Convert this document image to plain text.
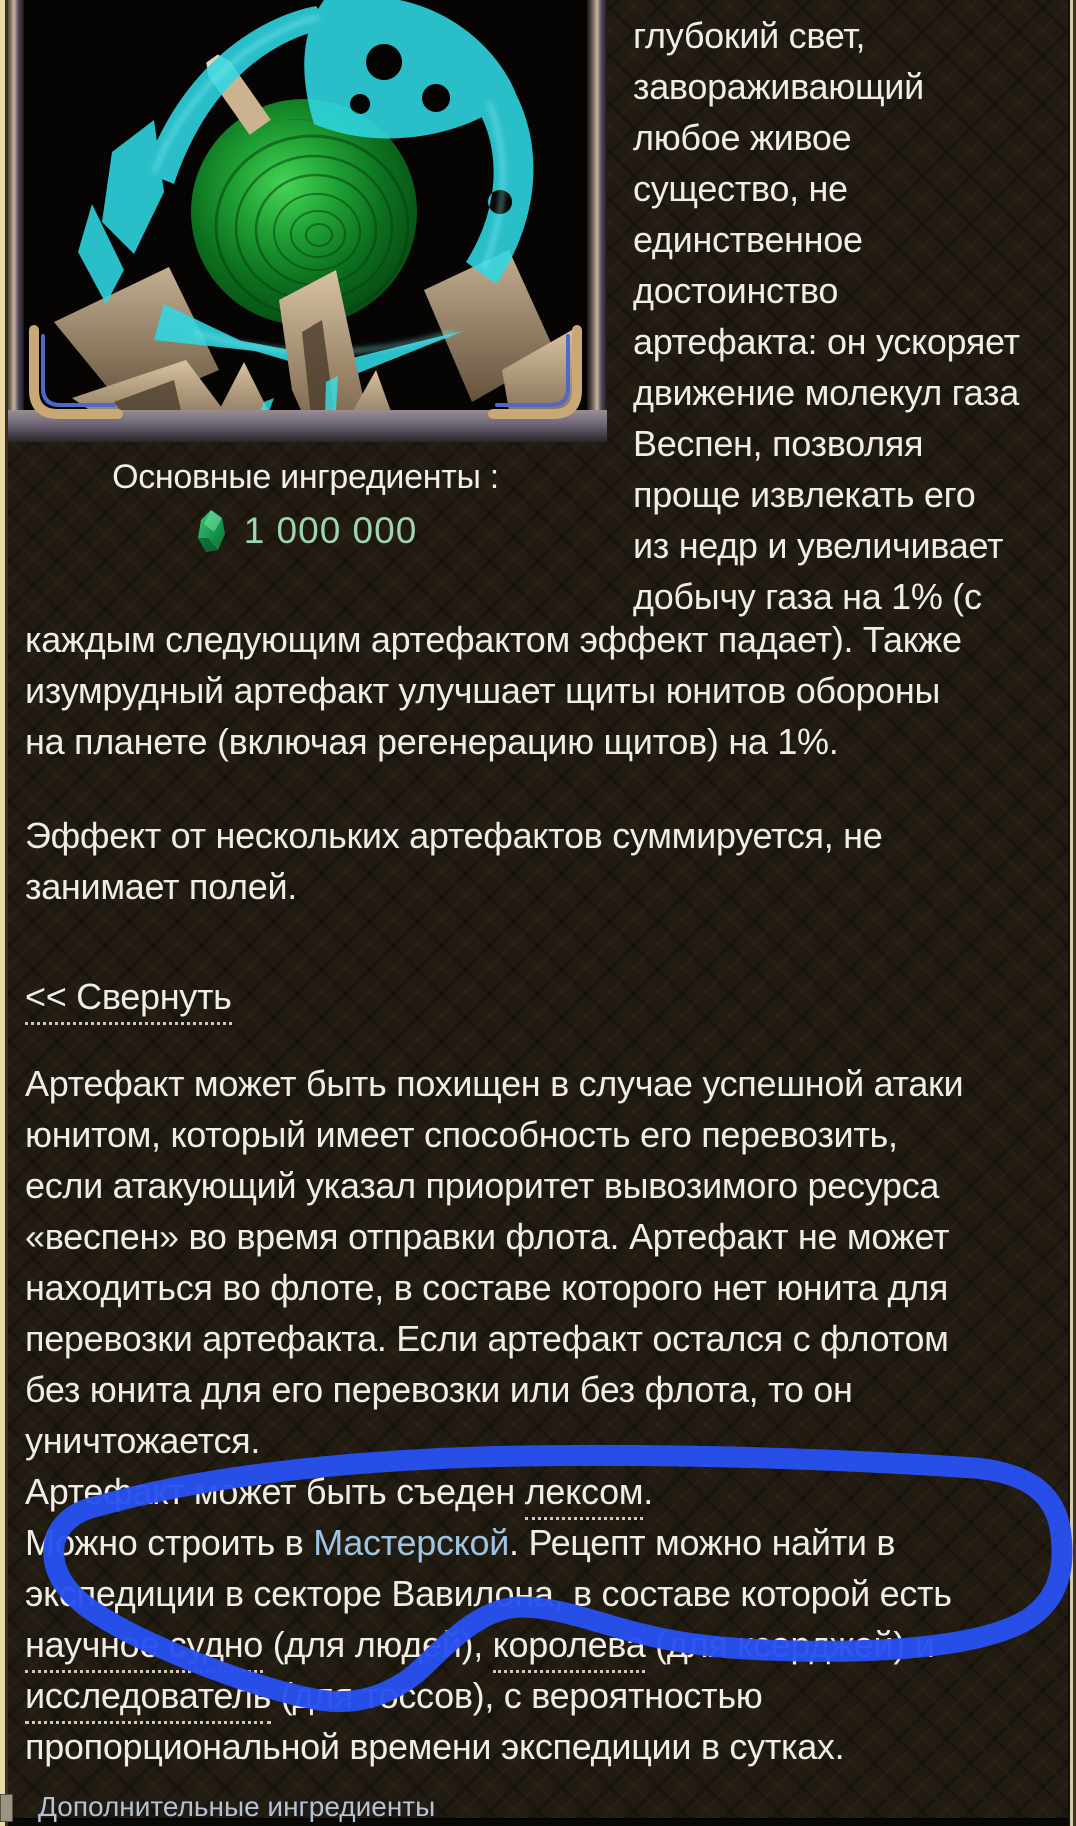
Основные ингредиенты :
1 000 000
глубокий свет,
завораживающий
любое живое
существо, не
единственное
достоинство
артефакта: он ускоряет
движение молекул газа
Веспен, позволяя
проще извлекать его
из недр и увеличивает
добычу газа на 1% (с
каждым следующим артефактом эффект падает). Также
изумрудный артефакт улучшает щиты юнитов обороны
на планете (включая регенерацию щитов) на 1%.
Эффект от нескольких артефактов суммируется, не
занимает полей.
<< Свернуть
Артефакт может быть похищен в случае успешной атаки
юнитом, который имеет способность его перевозить,
если атакующий указал приоритет вывозимого ресурса
«веспен» во время отправки флота. Артефакт не может
находиться во флоте, в составе которого нет юнита для
перевозки артефакта. Если артефакт остался с флотом
без юнита для его перевозки или без флота, то он
уничтожается.
Артефакт может быть съеден лексом.
Можно строить в Мастерской. Рецепт можно найти в
экспедиции в секторе Вавилона, в составе которой есть
научное судно (для людей), королева (для ксерджей) и
исследователь (для тоссов), с вероятностью
пропорциональной времени экспедиции в сутках.
Дополнительные ингредиенты
